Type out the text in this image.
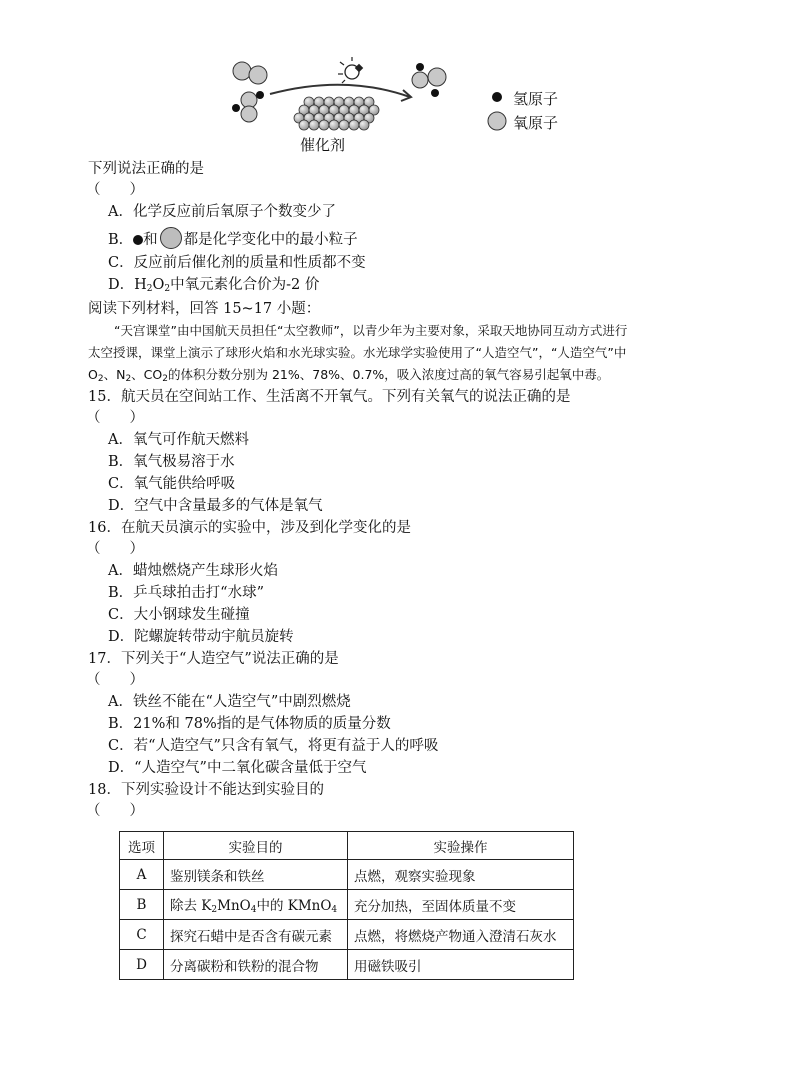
氢原子
氧原子
催化剂
下列说法正确的是
（　　）
A．化学反应前后氧原子个数变少了
B． 和 都是化学变化中的最小粒子
C．反应前后催化剂的质量和性质都不变
D．$H_2O_2$中氧元素化合价为-2 价
阅读下列材料，回答 15~17 小题：
“天宫课堂”由中国航天员担任“太空教师”，以青少年为主要对象，采取天地协同互动方式进行
太空授课，课堂上演示了球形火焰和水光球实验。水光球学实验使用了“人造空气”，“人造空气”中
$O_2$、$N_2$、$CO_2$的体积分数分别为 21%、78%、0.7%，吸入浓度过高的氧气容易引起氧中毒。
15．航天员在空间站工作、生活离不开氧气。下列有关氧气的说法正确的是
（　　）
A．氧气可作航天燃料
B．氧气极易溶于水
C．氧气能供给呼吸
D．空气中含量最多的气体是氧气
16．在航天员演示的实验中，涉及到化学变化的是
（　　）
A．蜡烛燃烧产生球形火焰
B．乒乓球拍击打“水球”
C．大小钢球发生碰撞
D．陀螺旋转带动宇航员旋转
17．下列关于“人造空气”说法正确的是
（　　）
A．铁丝不能在“人造空气”中剧烈燃烧
B．21%和 78%指的是气体物质的质量分数
C．若“人造空气”只含有氧气，将更有益于人的呼吸
D．“人造空气”中二氧化碳含量低于空气
18．下列实验设计不能达到实验目的
（　　）
选项	实验目的	实验操作
A	鉴别镁条和铁丝	点燃，观察实验现象
B	除去 $K_2MnO_4$中的 KMnO$_4$	充分加热，至固体质量不变
C	探究石蜡中是否含有碳元素	点燃，将燃烧产物通入澄清石灰水
D	分离碳粉和铁粉的混合物	用磁铁吸引
